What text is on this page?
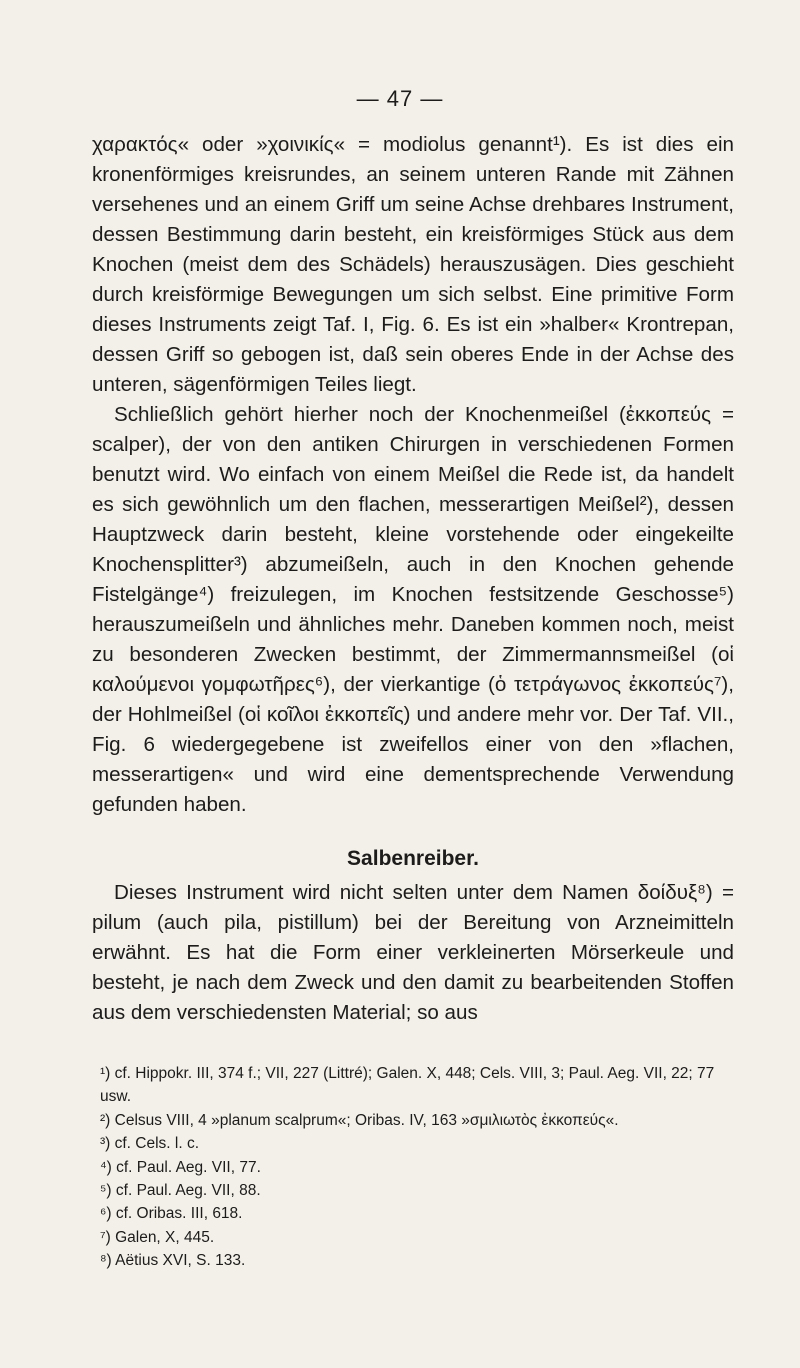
— 47 —

χαρακτός« oder »χοινικίς« = modiolus genannt¹). Es ist dies ein kronenförmiges kreisrundes, an seinem unteren Rande mit Zähnen versehenes und an einem Griff um seine Achse drehbares Instrument, dessen Bestimmung darin besteht, ein kreisförmiges Stück aus dem Knochen (meist dem des Schädels) herauszusägen. Dies geschieht durch kreisförmige Bewegungen um sich selbst. Eine primitive Form dieses Instruments zeigt Taf. I, Fig. 6. Es ist ein »halber« Krontrepan, dessen Griff so gebogen ist, daß sein oberes Ende in der Achse des unteren, sägenförmigen Teiles liegt.

Schließlich gehört hierher noch der Knochenmeißel (ἐκκοπεύς = scalper), der von den antiken Chirurgen in verschiedenen Formen benutzt wird. Wo einfach von einem Meißel die Rede ist, da handelt es sich gewöhnlich um den flachen, messerartigen Meißel²), dessen Hauptzweck darin besteht, kleine vorstehende oder eingekeilte Knochensplitter³) abzumeißeln, auch in den Knochen gehende Fistelgänge⁴) freizulegen, im Knochen festsitzende Geschosse⁵) herauszumeißeln und ähnliches mehr. Daneben kommen noch, meist zu besonderen Zwecken bestimmt, der Zimmermannsmeißel (οἱ καλούμενοι γομφωτῆρες⁶), der vierkantige (ὁ τετράγωνος ἐκκοπεύς⁷), der Hohlmeißel (οἱ κοῖλοι ἐκκοπεῖς) und andere mehr vor. Der Taf. VII., Fig. 6 wiedergegebene ist zweifellos einer von den »flachen, messerartigen« und wird eine dementsprechende Verwendung gefunden haben.

Salbenreiber.

Dieses Instrument wird nicht selten unter dem Namen δοίδυξ⁸) = pilum (auch pila, pistillum) bei der Bereitung von Arzneimitteln erwähnt. Es hat die Form einer verkleinerten Mörserkeule und besteht, je nach dem Zweck und den damit zu bearbeitenden Stoffen aus dem verschiedensten Material; so aus

¹) cf. Hippokr. III, 374 f.; VII, 227 (Littré); Galen. X, 448; Cels. VIII, 3; Paul. Aeg. VII, 22; 77 usw.
²) Celsus VIII, 4 »planum scalprum«; Oribas. IV, 163 »σμιλιωτὸς ἐκκοπεύς«.
³) cf. Cels. l. c.
⁴) cf. Paul. Aeg. VII, 77.
⁵) cf. Paul. Aeg. VII, 88.
⁶) cf. Oribas. III, 618.
⁷) Galen, X, 445.
⁸) Aëtius XVI, S. 133.
